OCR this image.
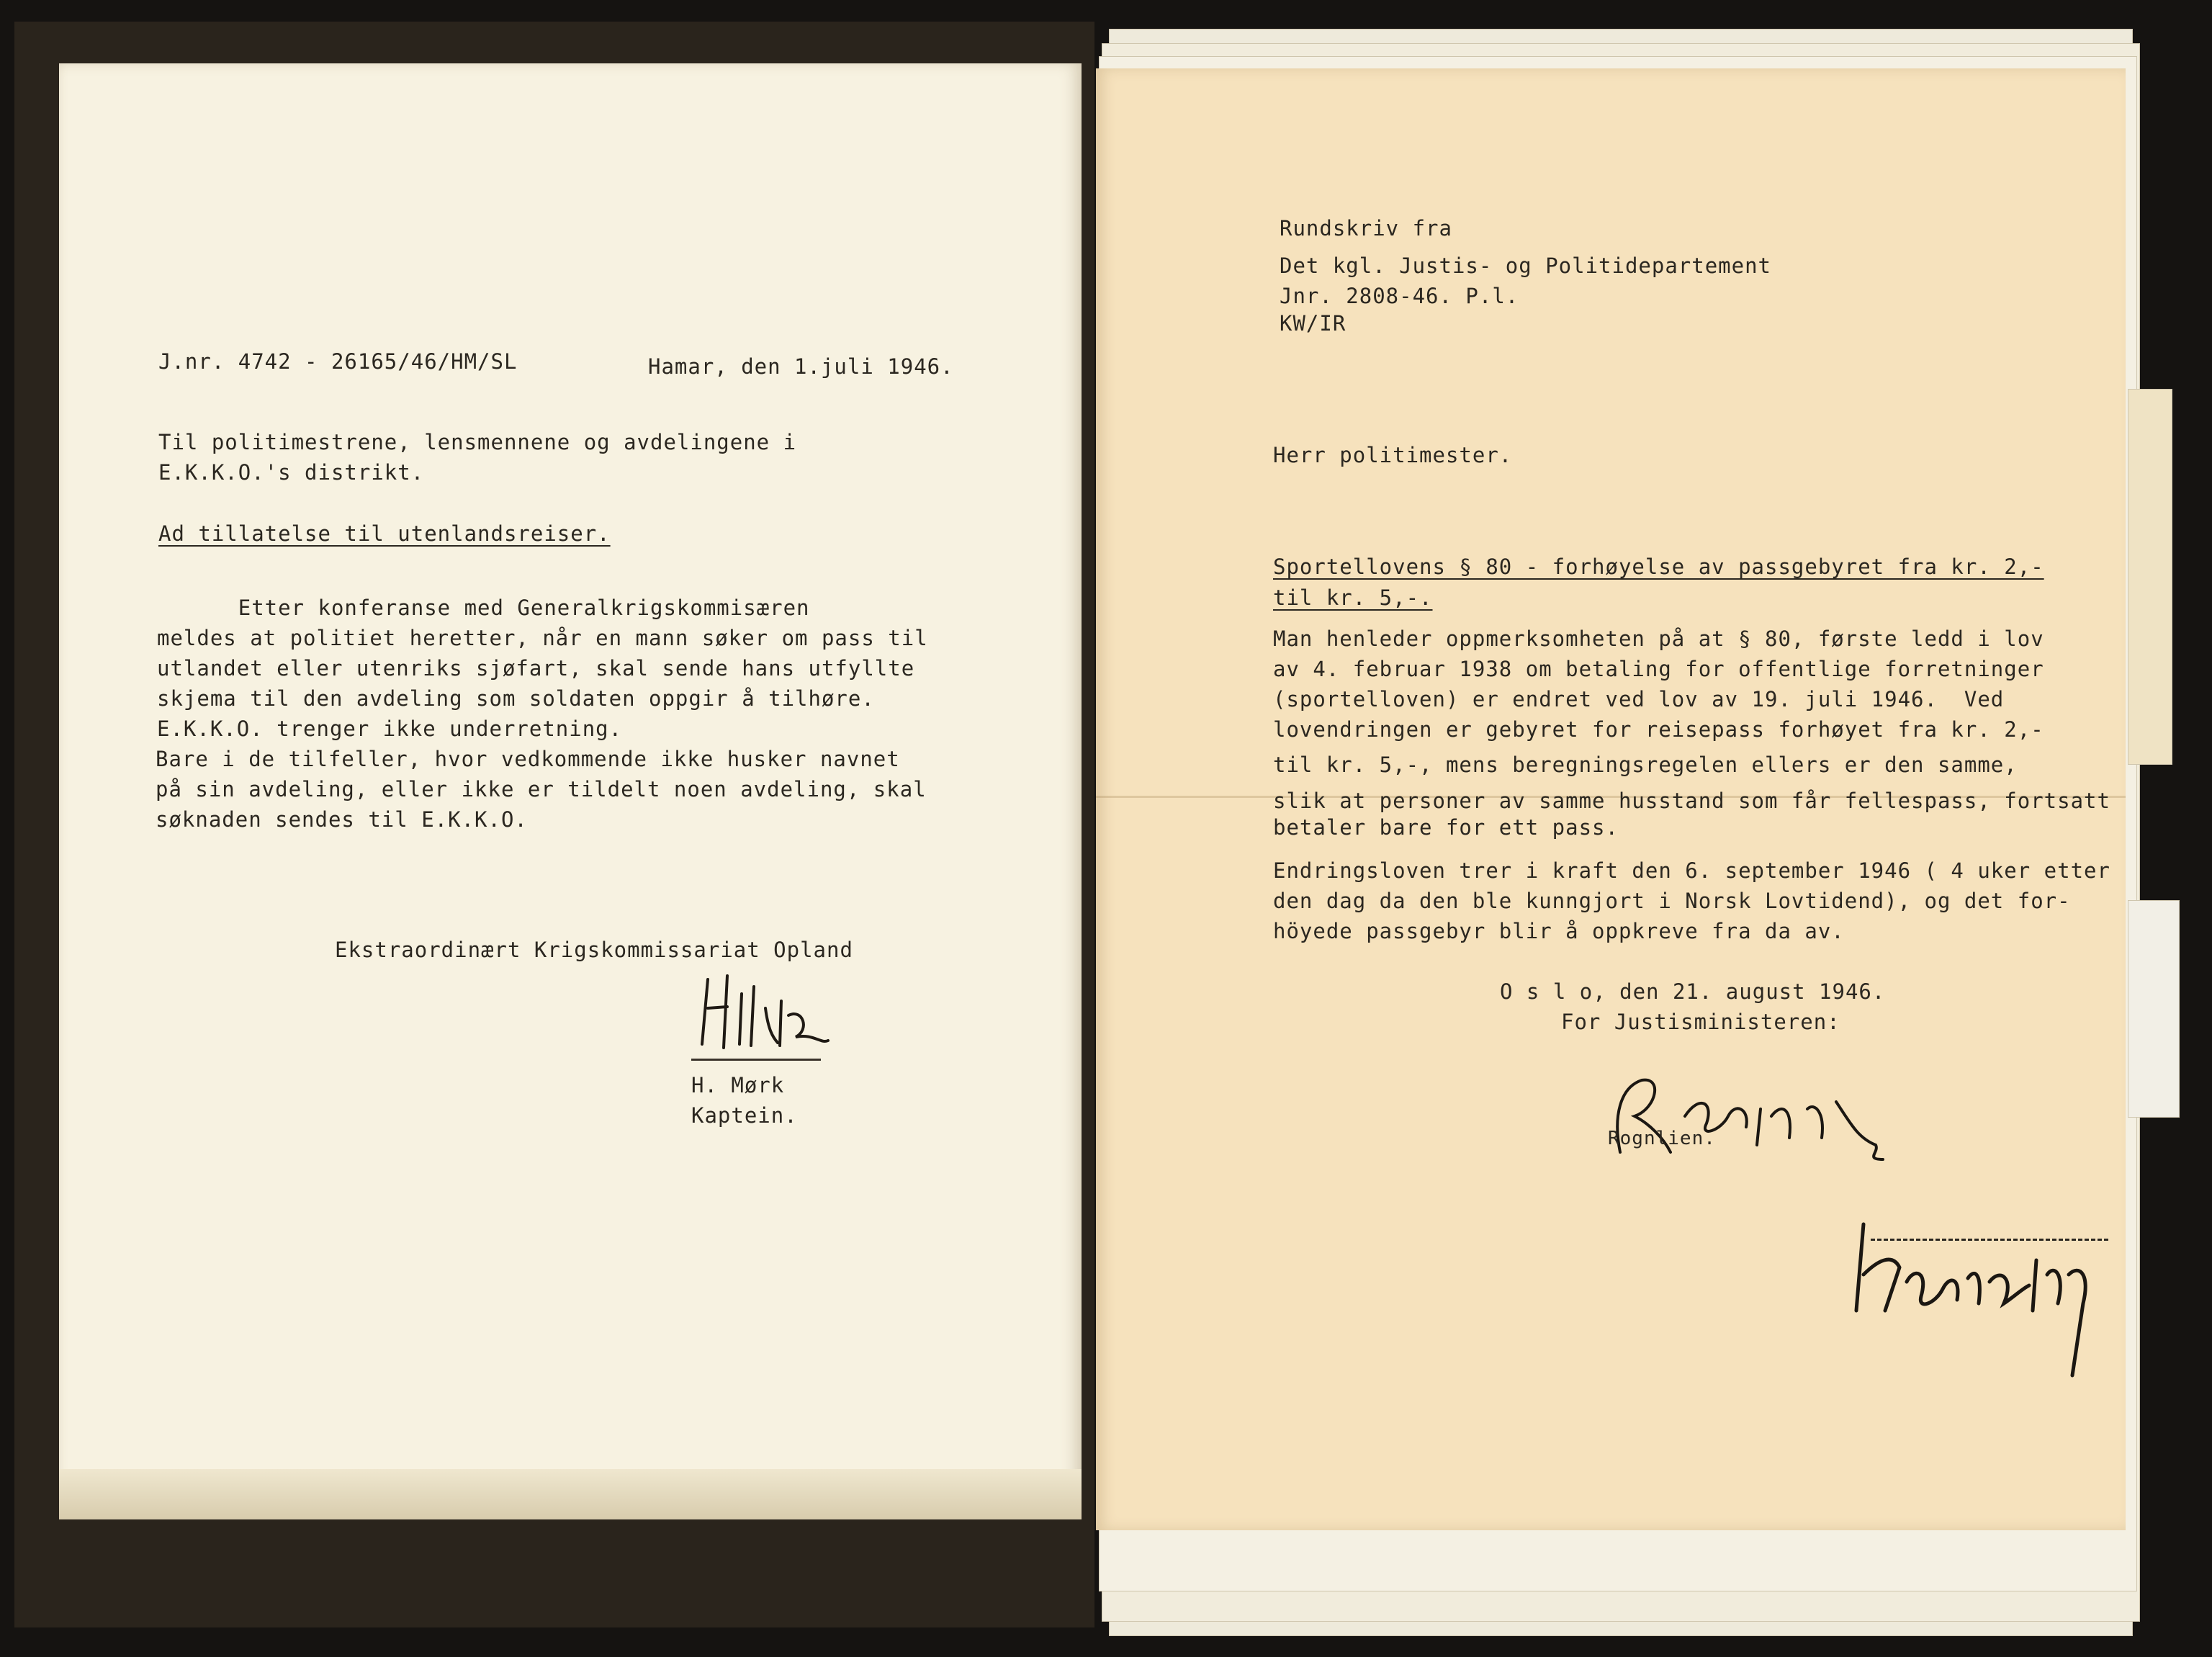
J.nr. 4742 - 26165/46/HM/SL	Hamar, den 1.juli 1946.
Til politimestrene, lensmennene og avdelingene i
E.K.K.O.'s distrikt.
Ad tillatelse til utenlandsreiser.
Etter konferanse med Generalkrigskommisæren
meldes at politiet heretter, når en mann søker om pass til
utlandet eller utenriks sjøfart, skal sende hans utfyllte
skjema til den avdeling som soldaten oppgir å tilhøre.
E.K.K.O. trenger ikke underretning.
Bare i de tilfeller, hvor vedkommende ikke husker navnet
på sin avdeling, eller ikke er tildelt noen avdeling, skal
søknaden sendes til E.K.K.O.
Ekstraordinært Krigskommissariat Opland
H. Mørk
Kaptein.
Rundskriv fra
Det kgl. Justis- og Politidepartement
Jnr. 2808-46. P.l.
KW/IR
Herr politimester.
Sportellovens § 80 - forhøyelse av passgebyret fra kr. 2,-
til kr. 5,-.
Man henleder oppmerksomheten på at § 80, første ledd i lov
av 4. februar 1938 om betaling for offentlige forretninger
(sportelloven) er endret ved lov av 19. juli 1946.  Ved
lovendringen er gebyret for reisepass forhøyet fra kr. 2,-
til kr. 5,-, mens beregningsregelen ellers er den samme,
slik at personer av samme husstand som får fellespass, fortsatt
betaler bare for ett pass.
Endringsloven trer i kraft den 6. september 1946 ( 4 uker etter
den dag da den ble kunngjort i Norsk Lovtidend), og det for-
höyede passgebyr blir å oppkreve fra da av.
O s l o, den 21. august 1946.
For Justisministeren:
Rognlien.
